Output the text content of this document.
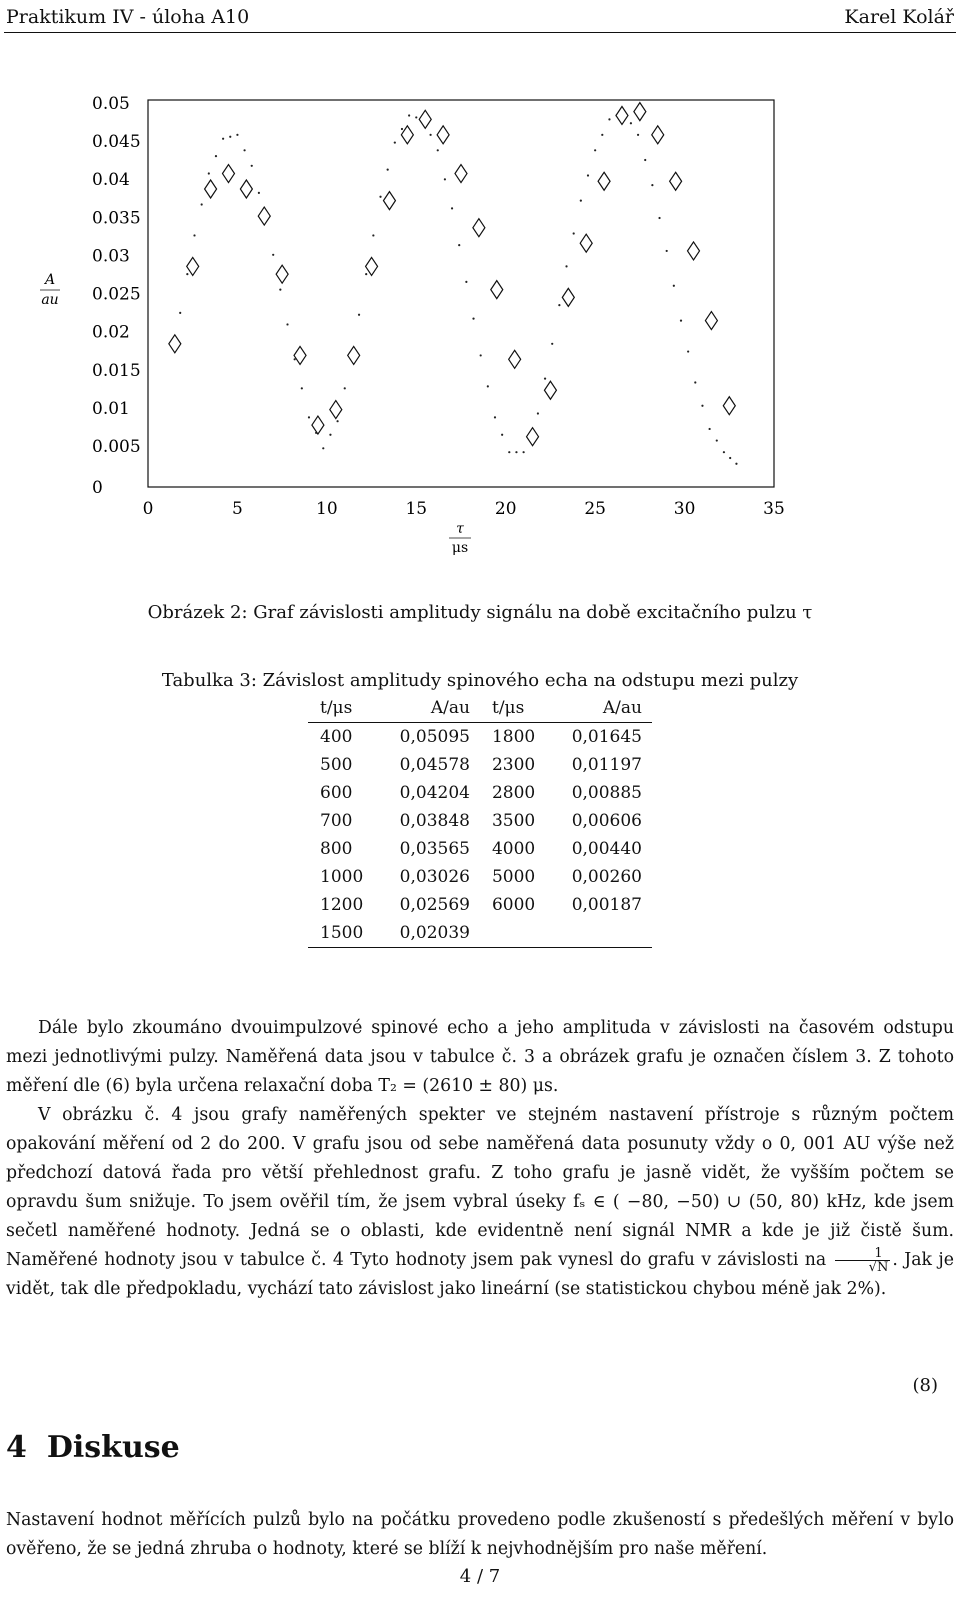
Praktikum IV - úloha A10	Karel Kolář
0
0.005
0.01
0.015
0.02
0.025
0.03
0.035
0.04
0.045
0.05
0	5	10	15	20	25	30	35
A
au
τ
μs
Obrázek 2: Graf závislosti amplitudy signálu na době excitačního pulzu τ
Tabulka 3: Závislost amplitudy spinového echa na odstupu mezi pulzy
t/μs	A/au	t/μs	A/au
400	0,05095	1800	0,01645
500	0,04578	2300	0,01197
600	0,04204	2800	0,00885
700	0,03848	3500	0,00606
800	0,03565	4000	0,00440
1000	0,03026	5000	0,00260
1200	0,02569	6000	0,00187
1500	0,02039		
Dále bylo zkoumáno dvouimpulzové spinové echo a jeho amplituda v závislosti na časovém odstupu mezi jednotlivými pulzy. Naměřená data jsou v tabulce č. 3 a obrázek grafu je označen číslem 3. Z tohoto měření dle (6) byla určena relaxační doba T₂ = (2610 ± 80) μs.
V obrázku č. 4 jsou grafy naměřených spekter ve stejném nastavení přístroje s různým počtem opakování měření od 2 do 200. V grafu jsou od sebe naměřená data posunuty vždy o 0, 001 AU výše než předchozí datová řada pro větší přehlednost grafu. Z toho grafu je jasně vidět, že vyšším počtem se opravdu šum snižuje. To jsem ověřil tím, že jsem vybral úseky fₛ ∈ ( −80, −50) ∪ (50, 80) kHz, kde jsem sečetl naměřené hodnoty. Jedná se o oblasti, kde evidentně není signál NMR a kde je již čistě šum. Naměřené hodnoty jsou v tabulce č. 4 Tyto hodnoty jsem pak vynesl do grafu v závislosti na $\frac{1}{√N}$ . Jak je vidět, tak dle předpokladu, vychází tato závislost jako lineární (se statistickou chybou méně jak 2%).
(8)
4 Diskuse
Nastavení hodnot měřících pulzů bylo na počátku provedeno podle zkušeností s předešlých měření v bylo ověřeno, že se jedná zhruba o hodnoty, které se blíží k nejvhodnějším pro naše měření.
4 / 7
